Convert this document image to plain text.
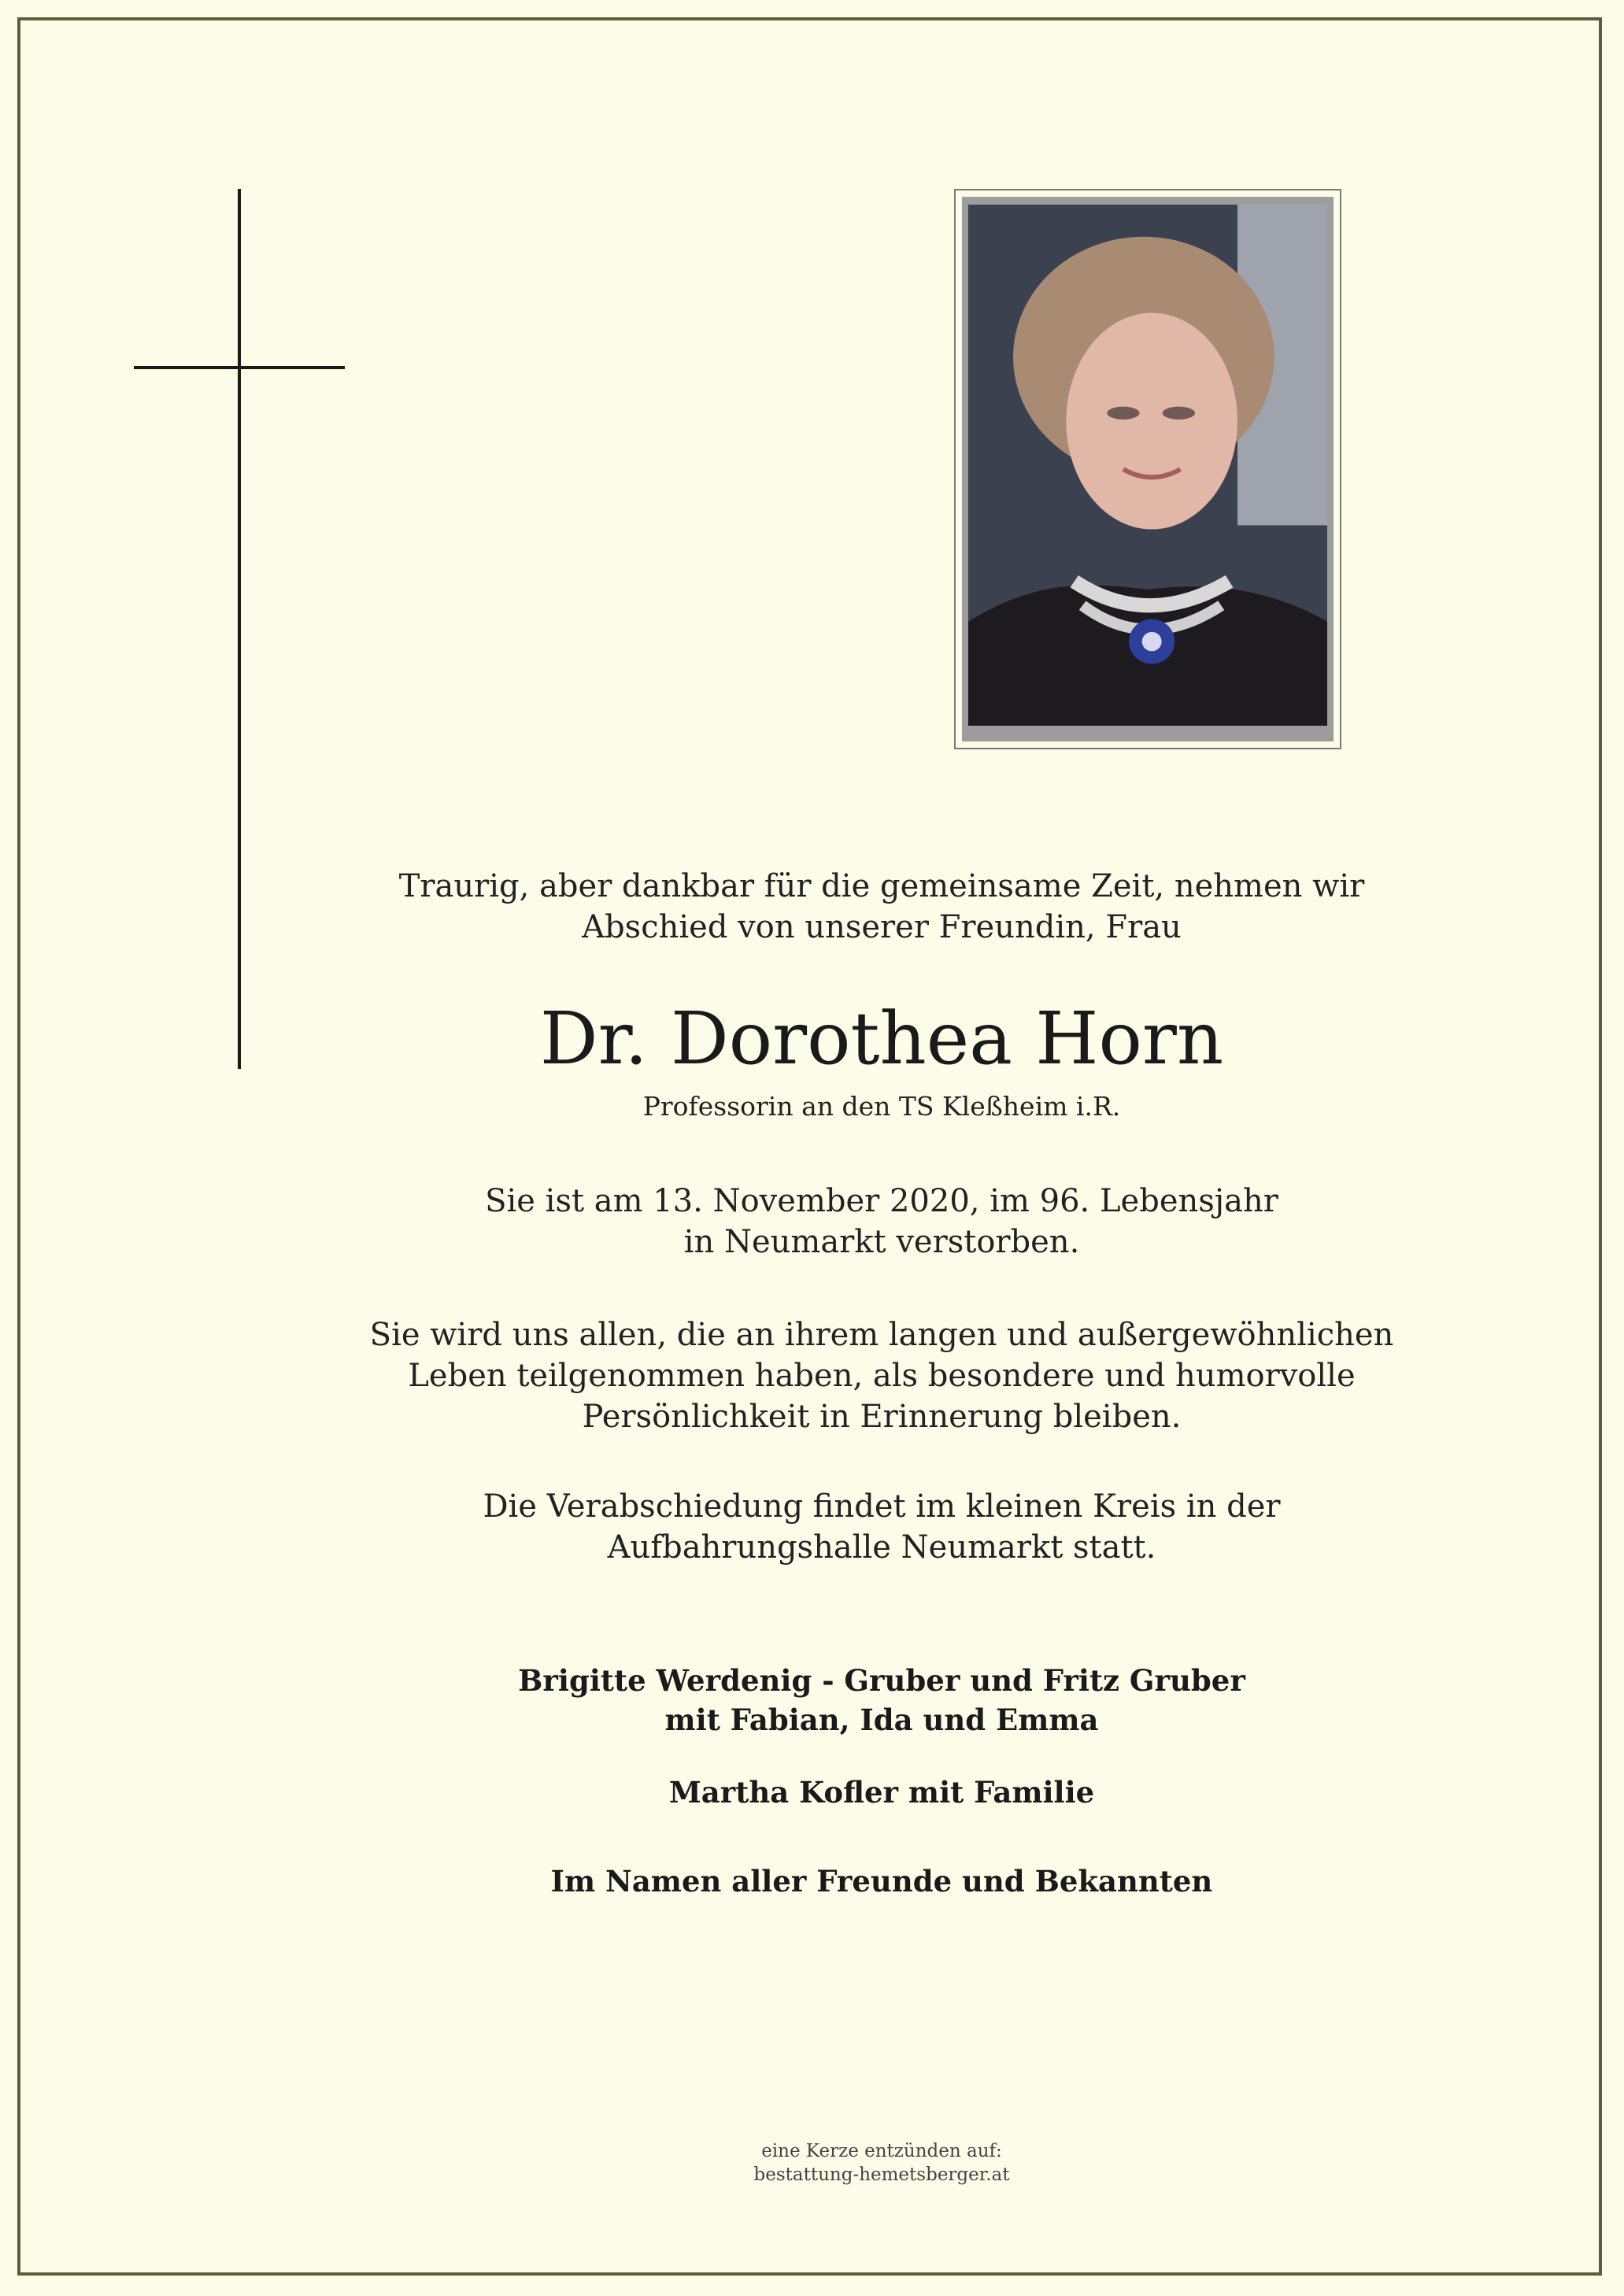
Traurig, aber dankbar für die gemeinsame Zeit, nehmen wir
Abschied von unserer Freundin, Frau
Dr. Dorothea Horn
Professorin an den TS Kleßheim i.R.
Sie ist am 13. November 2020, im 96. Lebensjahr
in Neumarkt verstorben.
Sie wird uns allen, die an ihrem langen und außergewöhnlichen
Leben teilgenommen haben, als besondere und humorvolle
Persönlichkeit in Erinnerung bleiben.
Die Verabschiedung findet im kleinen Kreis in der
Aufbahrungshalle Neumarkt statt.
Brigitte Werdenig - Gruber und Fritz Gruber
mit Fabian, Ida und Emma
Martha Kofler mit Familie
Im Namen aller Freunde und Bekannten
eine Kerze entzünden auf:
bestattung-hemetsberger.at
